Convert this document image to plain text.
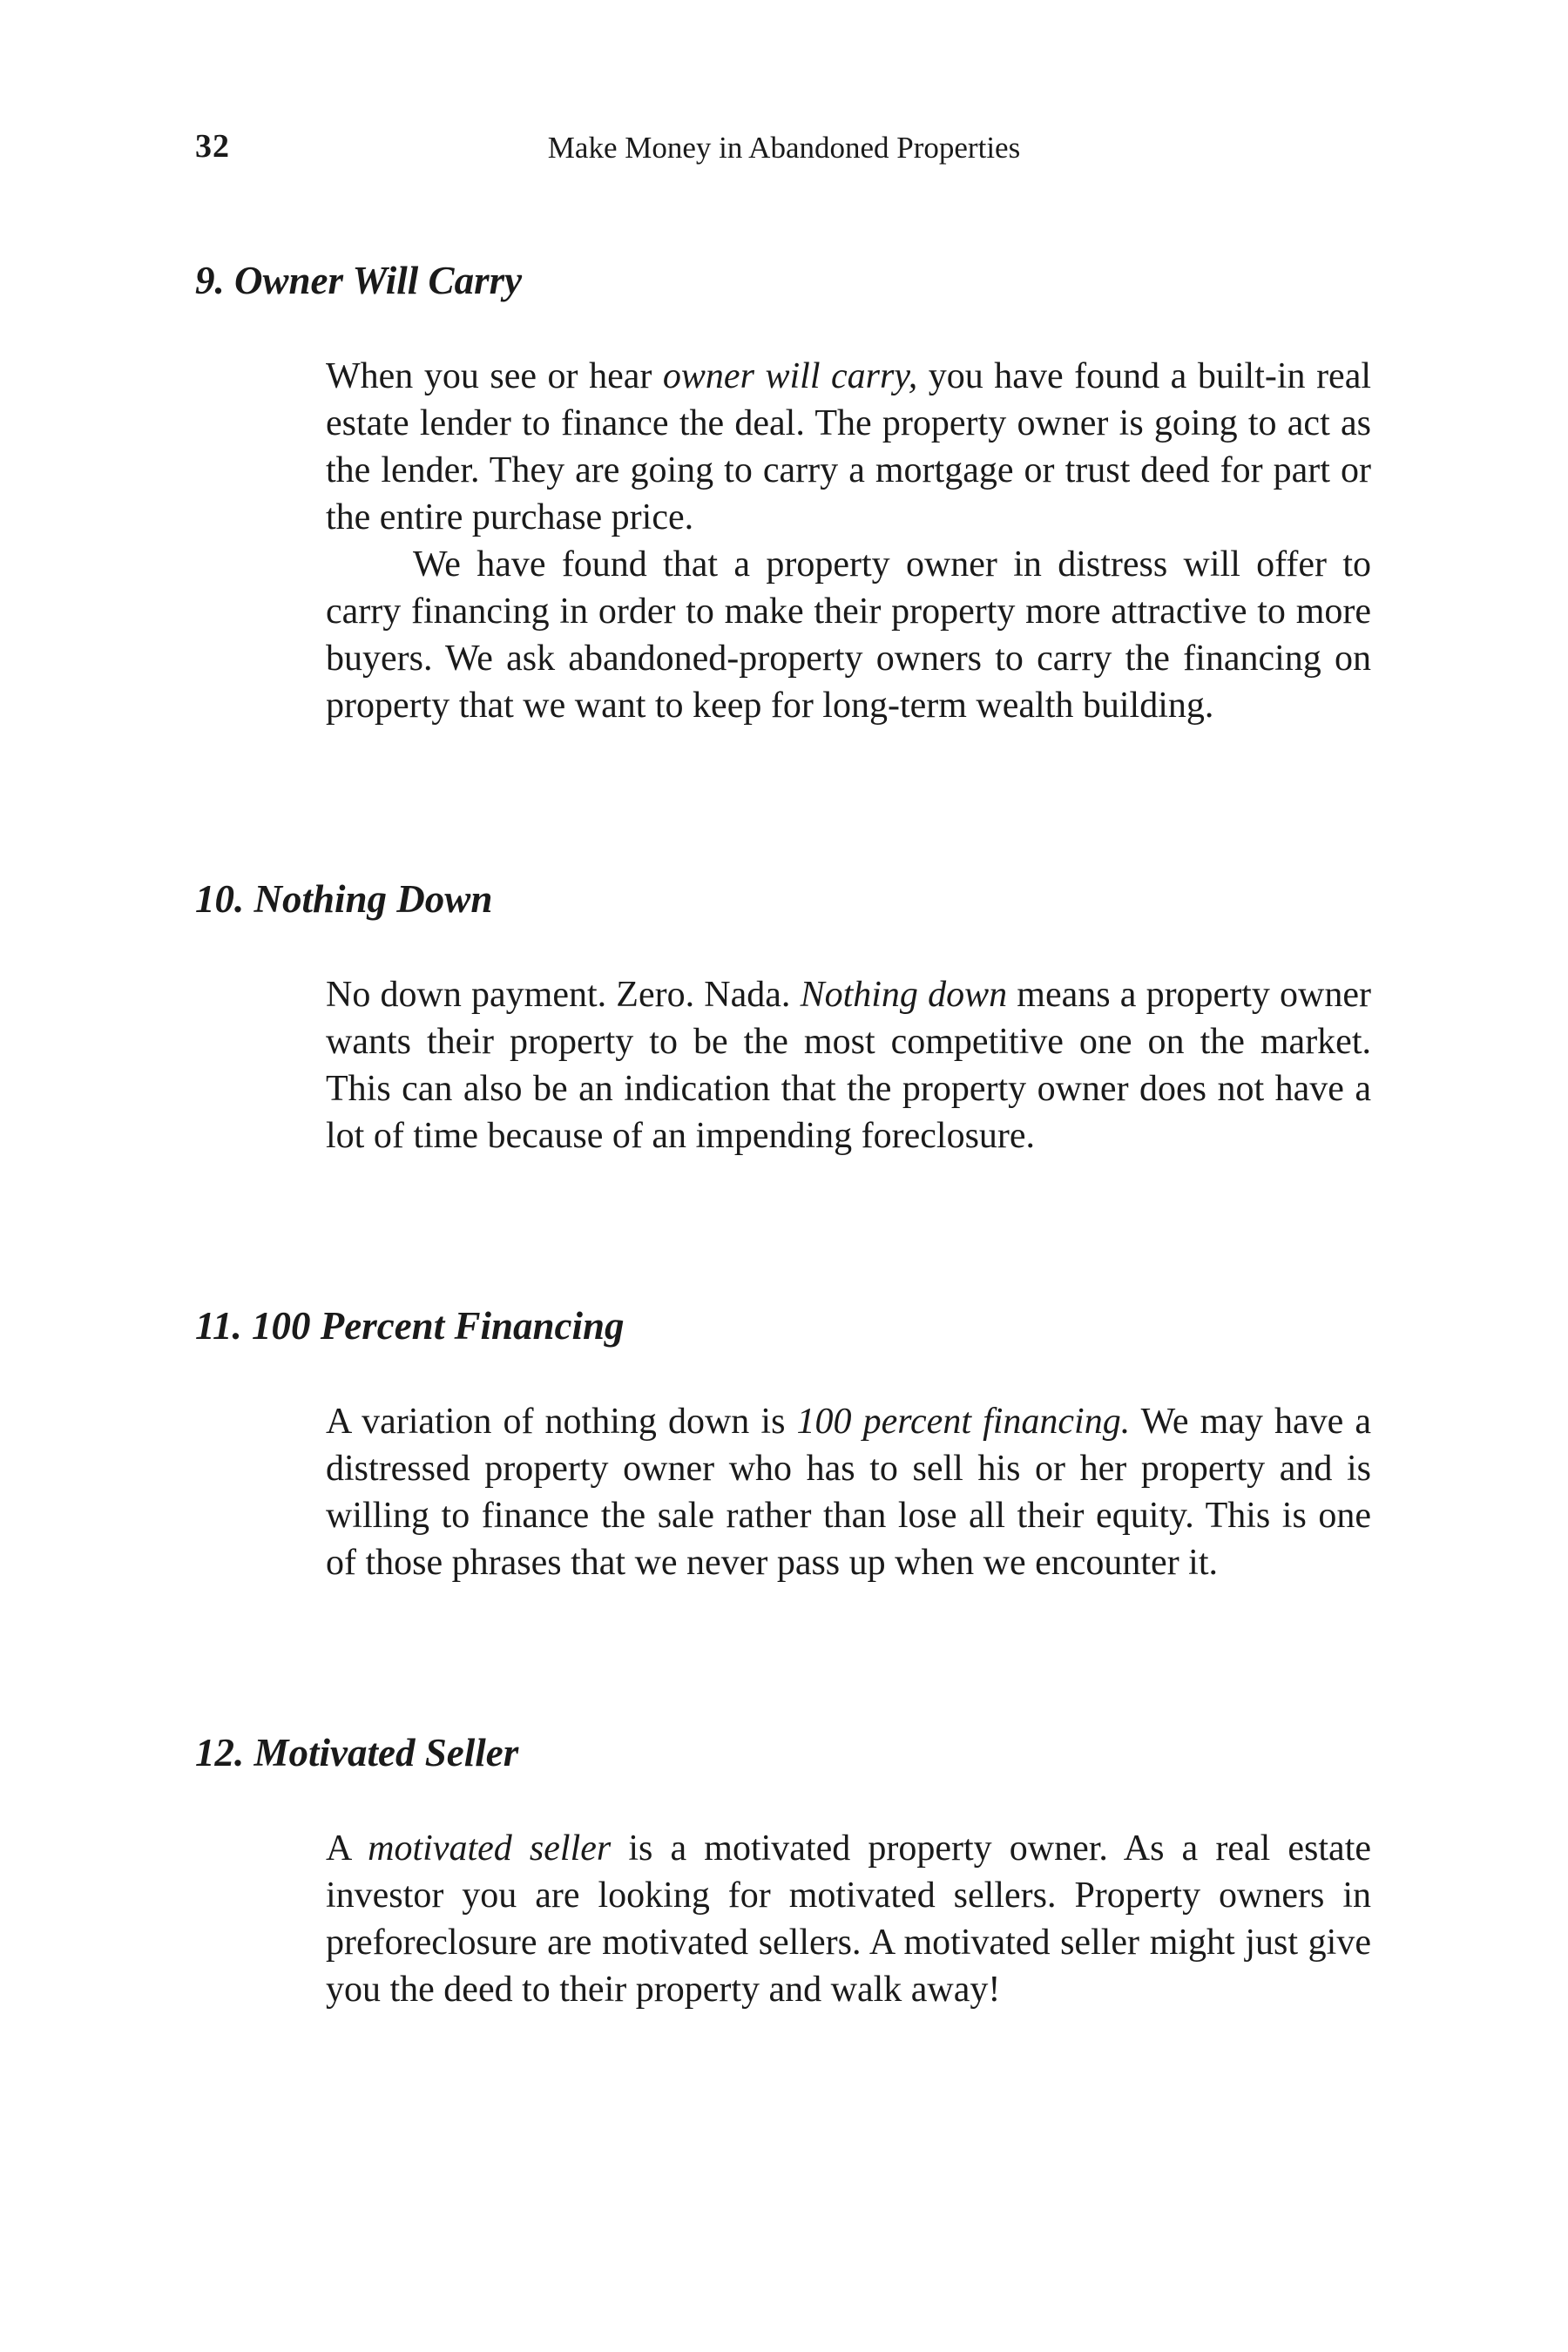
32	Make Money in Abandoned Properties
9. Owner Will Carry

When you see or hear owner will carry, you have found a built-in real estate lender to finance the deal. The property owner is going to act as the lender. They are going to carry a mortgage or trust deed for part or the entire purchase price.

We have found that a property owner in distress will offer to carry financing in order to make their property more attractive to more buyers. We ask abandoned-property owners to carry the financing on property that we want to keep for long-term wealth building.

10. Nothing Down

No down payment. Zero. Nada. Nothing down means a property owner wants their property to be the most competitive one on the market. This can also be an indication that the property owner does not have a lot of time because of an impending foreclosure.

11. 100 Percent Financing

A variation of nothing down is 100 percent financing. We may have a distressed property owner who has to sell his or her property and is willing to finance the sale rather than lose all their equity. This is one of those phrases that we never pass up when we encounter it.

12. Motivated Seller

A motivated seller is a motivated property owner. As a real estate investor you are looking for motivated sellers. Property owners in preforeclosure are motivated sellers. A motivated seller might just give you the deed to their property and walk away!
